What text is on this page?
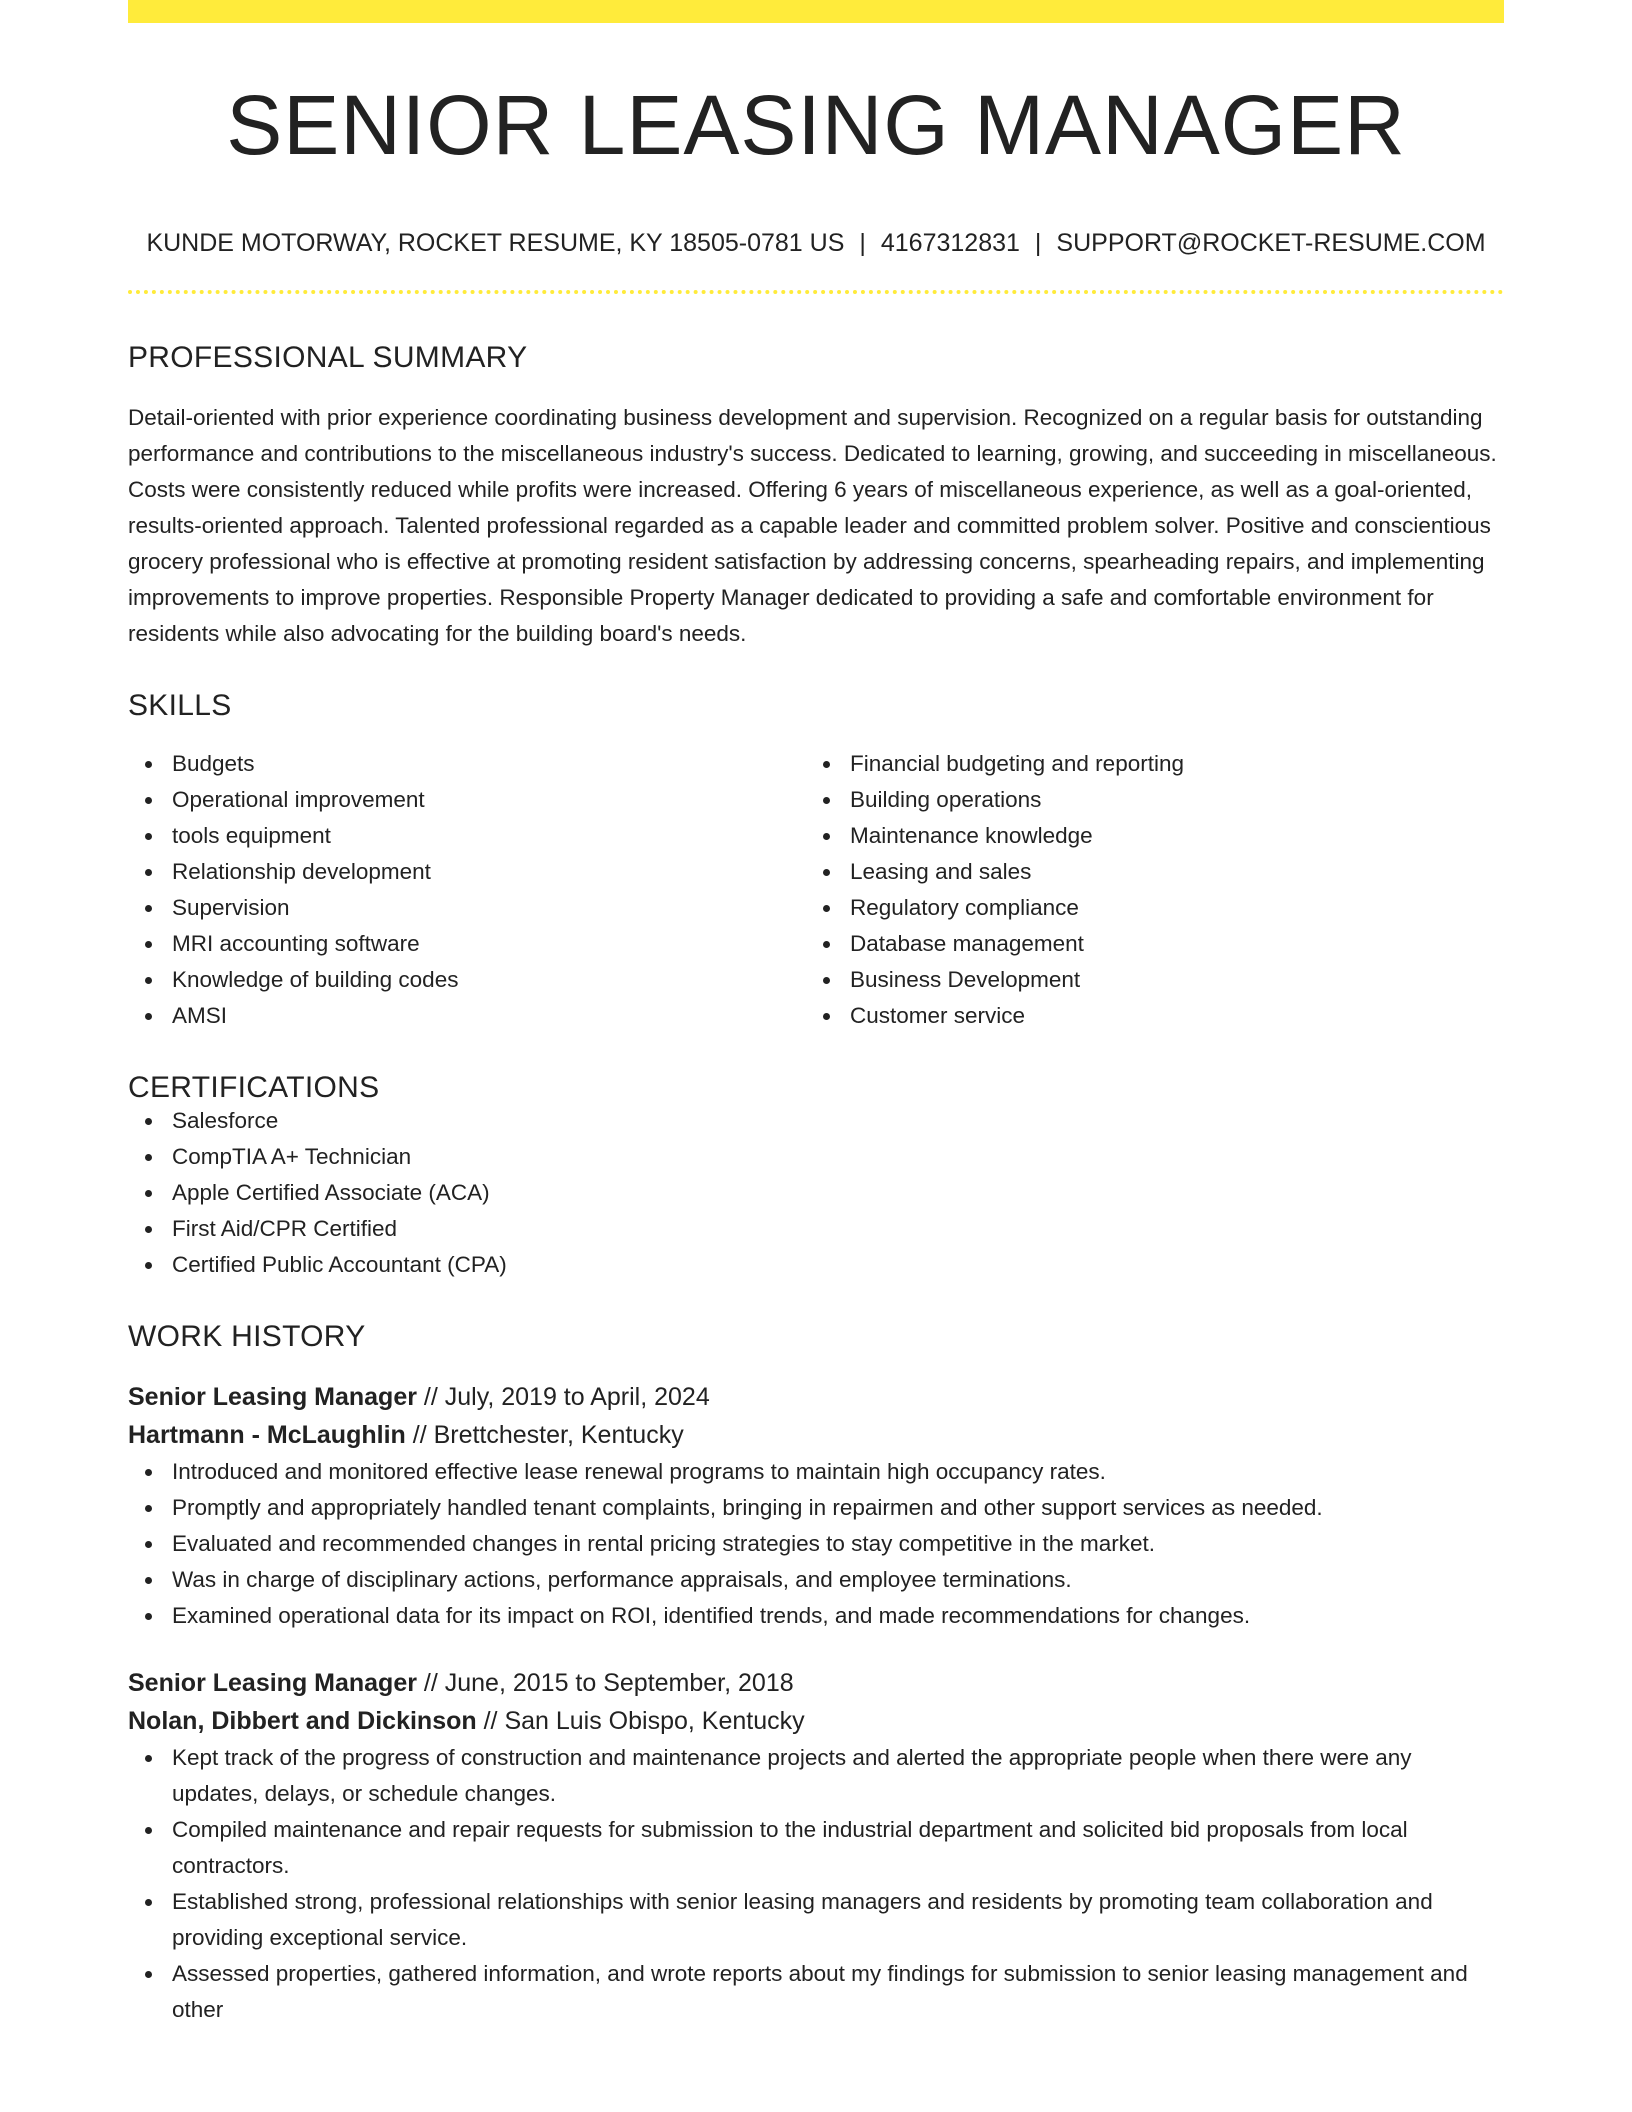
SENIOR LEASING MANAGER
KUNDE MOTORWAY, ROCKET RESUME, KY 18505-0781 US | 4167312831 | SUPPORT@ROCKET-RESUME.COM
PROFESSIONAL SUMMARY
Detail-oriented with prior experience coordinating business development and supervision. Recognized on a regular basis for outstanding performance and contributions to the miscellaneous industry's success. Dedicated to learning, growing, and succeeding in miscellaneous. Costs were consistently reduced while profits were increased. Offering 6 years of miscellaneous experience, as well as a goal-oriented, results-oriented approach. Talented professional regarded as a capable leader and committed problem solver. Positive and conscientious grocery professional who is effective at promoting resident satisfaction by addressing concerns, spearheading repairs, and implementing improvements to improve properties. Responsible Property Manager dedicated to providing a safe and comfortable environment for residents while also advocating for the building board's needs.
SKILLS
Budgets
Operational improvement
tools equipment
Relationship development
Supervision
MRI accounting software
Knowledge of building codes
AMSI
Financial budgeting and reporting
Building operations
Maintenance knowledge
Leasing and sales
Regulatory compliance
Database management
Business Development
Customer service
CERTIFICATIONS
Salesforce
CompTIA A+ Technician
Apple Certified Associate (ACA)
First Aid/CPR Certified
Certified Public Accountant (CPA)
WORK HISTORY
Senior Leasing Manager // July, 2019 to April, 2024
Hartmann - McLaughlin // Brettchester, Kentucky
Introduced and monitored effective lease renewal programs to maintain high occupancy rates.
Promptly and appropriately handled tenant complaints, bringing in repairmen and other support services as needed.
Evaluated and recommended changes in rental pricing strategies to stay competitive in the market.
Was in charge of disciplinary actions, performance appraisals, and employee terminations.
Examined operational data for its impact on ROI, identified trends, and made recommendations for changes.
Senior Leasing Manager // June, 2015 to September, 2018
Nolan, Dibbert and Dickinson // San Luis Obispo, Kentucky
Kept track of the progress of construction and maintenance projects and alerted the appropriate people when there were any updates, delays, or schedule changes.
Compiled maintenance and repair requests for submission to the industrial department and solicited bid proposals from local contractors.
Established strong, professional relationships with senior leasing managers and residents by promoting team collaboration and providing exceptional service.
Assessed properties, gathered information, and wrote reports about my findings for submission to senior leasing management and other
